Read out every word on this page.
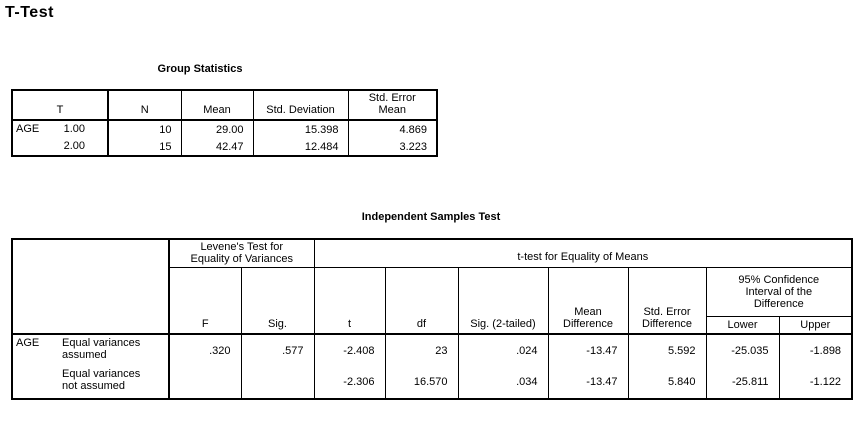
T-Test
Group Statistics
T	N	Mean	Std. Deviation	Std. Error
Mean

AGE 1.00	10	29.00	15.398	4.869

2.00	15	42.47	12.484	3.223
Independent Samples Test

	Levene's Test for
Equality of Variances		t-test for Equality of Means						
	F	Sig.	t	df	Sig. (2-tailed)	Mean
Difference	Std. Error
Difference	95% Confidence
Interval of the
Difference	

								Lower	Upper

AGE Equal variances
assumed	.320	.577	-2.408	23	.024	-13.47	5.592	-25.035	-1.898

Equal variances
not assumed			-2.306	16.570	.034	-13.47	5.840	-25.811	-1.122
